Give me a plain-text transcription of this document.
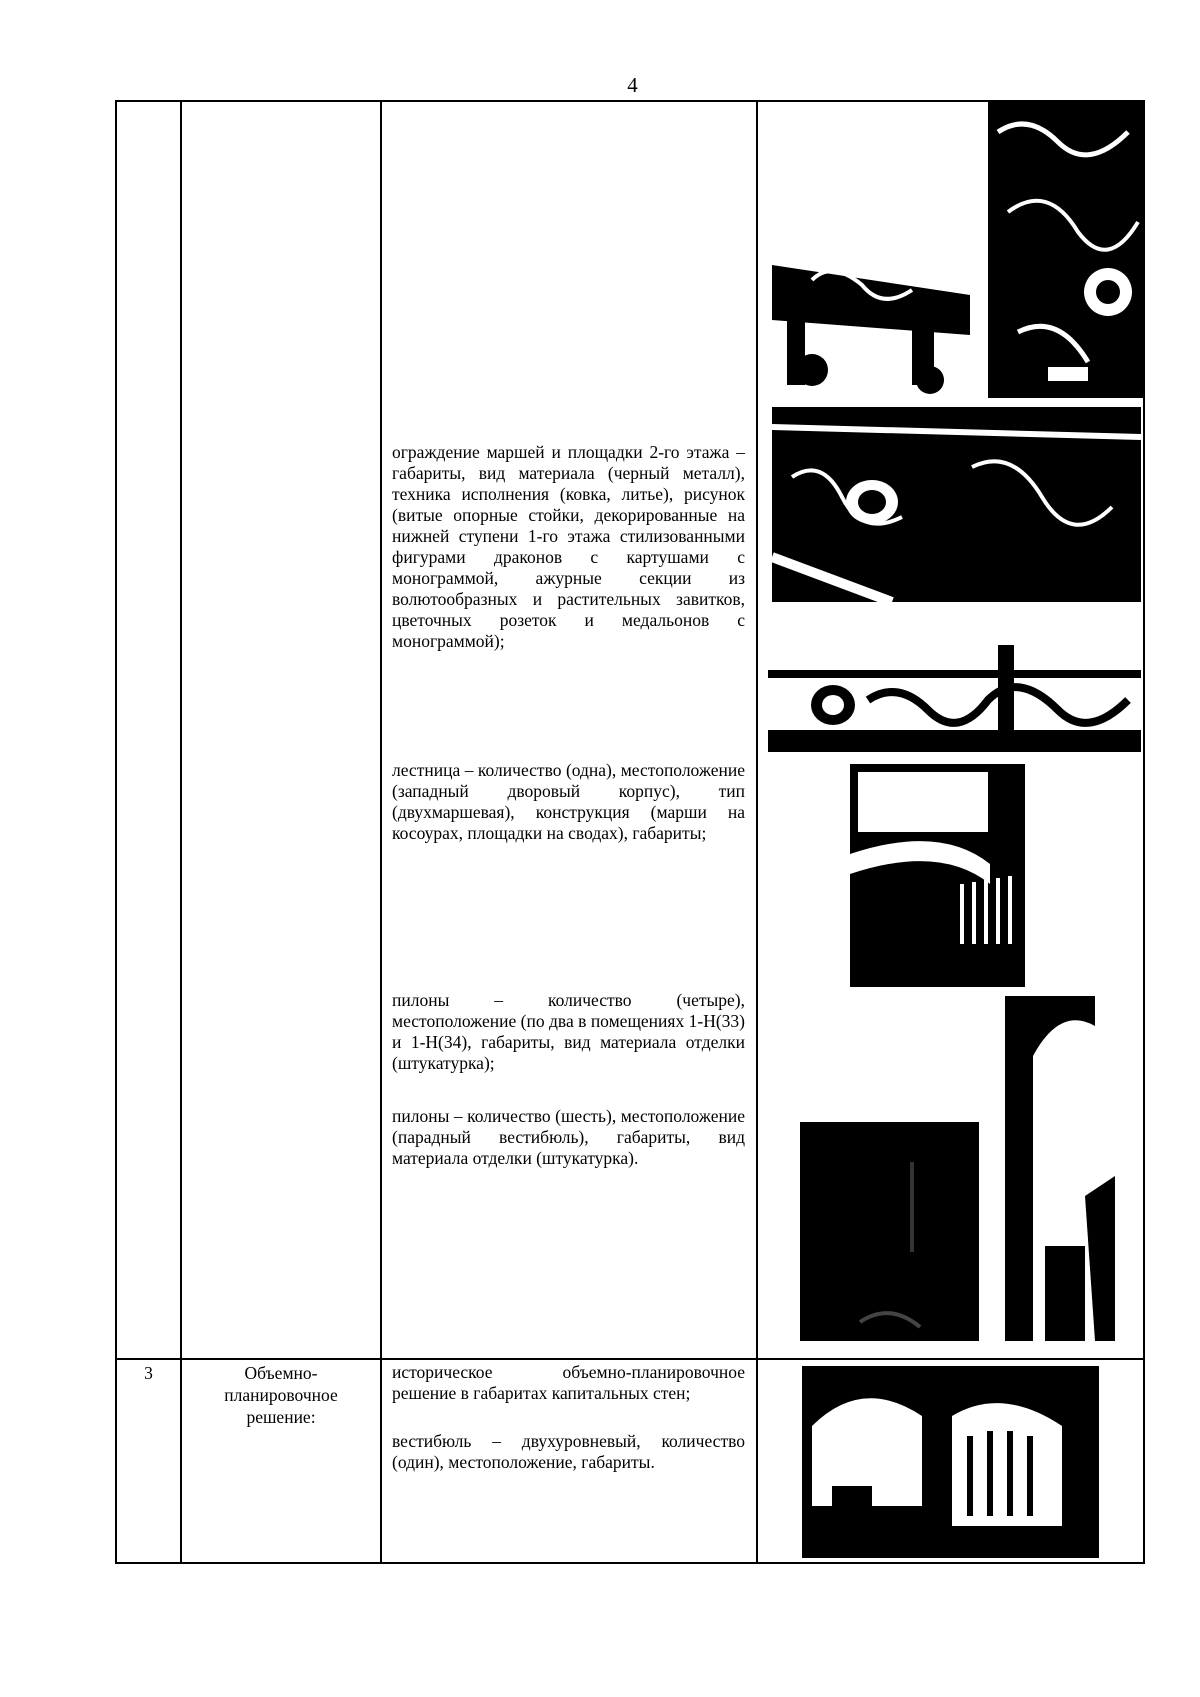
4
ограждение маршей и площадки 2-го этажа – габариты, вид материала (черный металл), техника исполнения (ковка, литье), рисунок (витые опорные стойки, декорированные на нижней ступени 1-го этажа стилизованными фигурами драконов с картушами с монограммой, ажурные секции из волютообразных и растительных завитков, цветочных розеток и медальонов с монограммой);
лестница – количество (одна), местоположение (западный дворовый корпус), тип (двухмаршевая), конструкция (марши на косоурах, площадки на сводах), габариты;
пилоны – количество (четыре), местоположение (по два в помещениях 1-Н(33) и 1-Н(34), габариты, вид материала отделки (штукатурка);
пилоны – количество (шесть), местоположение (парадный вестибюль), габариты, вид материала отделки (штукатурка).
3	Объемно-планировочное решение:
историческое объемно-планировочное решение в габаритах капитальных стен;
вестибюль – двухуровневый, количество (один), местоположение, габариты.
